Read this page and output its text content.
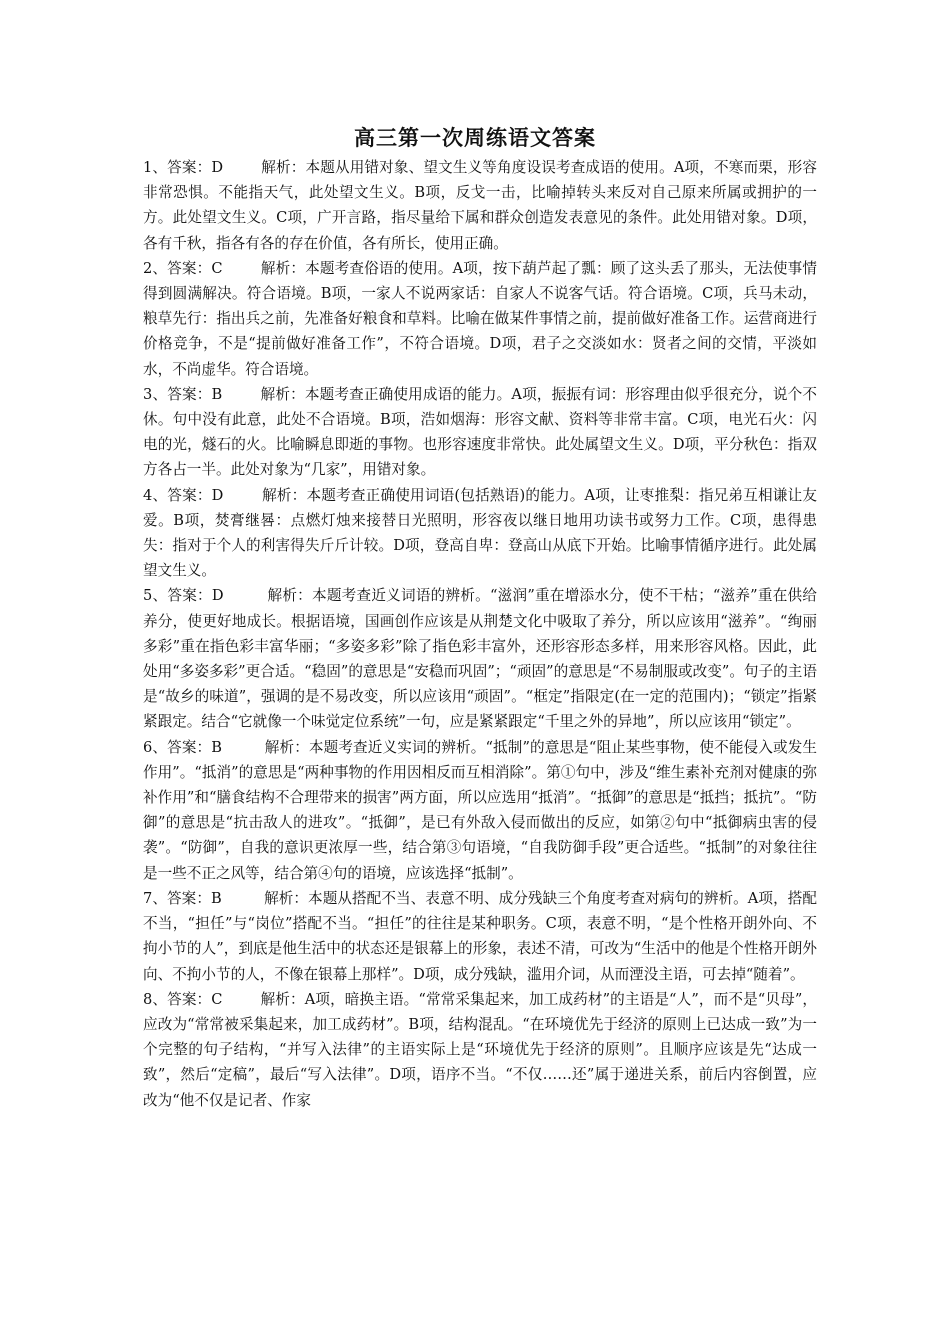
高三第一次周练语文答案

1、答案：D	解析：本题从用错对象、望文生义等角度设误考查成语的使用。A项，不寒而栗，形容非常恐惧。不能指天气，此处望文生义。B项，反戈一击，比喻掉转头来反对自己原来所属或拥护的一方。此处望文生义。C项，广开言路，指尽量给下属和群众创造发表意见的条件。此处用错对象。D项，各有千秋，指各有各的存在价值，各有所长，使用正确。

2、答案：C	解析：本题考查俗语的使用。A项，按下葫芦起了瓢：顾了这头丢了那头，无法使事情得到圆满解决。符合语境。B项，一家人不说两家话：自家人不说客气话。符合语境。C项，兵马未动，粮草先行：指出兵之前，先准备好粮食和草料。比喻在做某件事情之前，提前做好准备工作。运营商进行价格竞争，不是“提前做好准备工作”，不符合语境。D项，君子之交淡如水：贤者之间的交情，平淡如水，不尚虚华。符合语境。

3、答案：B	解析：本题考查正确使用成语的能力。A项，振振有词：形容理由似乎很充分，说个不休。句中没有此意，此处不合语境。B项，浩如烟海：形容文献、资料等非常丰富。C项，电光石火：闪电的光，燧石的火。比喻瞬息即逝的事物。也形容速度非常快。此处属望文生义。D项，平分秋色：指双方各占一半。此处对象为“几家”，用错对象。

4、答案：D	解析：本题考查正确使用词语(包括熟语)的能力。A项，让枣推梨：指兄弟互相谦让友爱。B项，焚膏继晷：点燃灯烛来接替日光照明，形容夜以继日地用功读书或努力工作。C项，患得患失：指对于个人的利害得失斤斤计较。D项，登高自卑：登高山从底下开始。比喻事情循序进行。此处属望文生义。

5、答案：D	解析：本题考查近义词语的辨析。“滋润”重在增添水分，使不干枯；“滋养”重在供给养分，使更好地成长。根据语境，国画创作应该是从荆楚文化中吸取了养分，所以应该用“滋养”。“绚丽多彩”重在指色彩丰富华丽；“多姿多彩”除了指色彩丰富外，还形容形态多样，用来形容风格。因此，此处用“多姿多彩”更合适。“稳固”的意思是“安稳而巩固”；“顽固”的意思是“不易制服或改变”。句子的主语是“故乡的味道”，强调的是不易改变，所以应该用“顽固”。“框定”指限定(在一定的范围内)；“锁定”指紧紧跟定。结合“它就像一个味觉定位系统”一句，应是紧紧跟定“千里之外的异地”，所以应该用“锁定”。

6、答案：B	解析：本题考查近义实词的辨析。“抵制”的意思是“阻止某些事物，使不能侵入或发生作用”。“抵消”的意思是“两种事物的作用因相反而互相消除”。第①句中，涉及“维生素补充剂对健康的弥补作用”和“膳食结构不合理带来的损害”两方面，所以应选用“抵消”。“抵御”的意思是“抵挡；抵抗”。“防御”的意思是“抗击敌人的进攻”。“抵御”，是已有外敌入侵而做出的反应，如第②句中“抵御病虫害的侵袭”。“防御”，自我的意识更浓厚一些，结合第③句语境，“自我防御手段”更合适些。“抵制”的对象往往是一些不正之风等，结合第④句的语境，应该选择“抵制”。

7、答案：B	解析：本题从搭配不当、表意不明、成分残缺三个角度考查对病句的辨析。A项，搭配不当，“担任”与“岗位”搭配不当。“担任”的往往是某种职务。C项，表意不明，“是个性格开朗外向、不拘小节的人”，到底是他生活中的状态还是银幕上的形象，表述不清，可改为“生活中的他是个性格开朗外向、不拘小节的人，不像在银幕上那样”。D项，成分残缺，滥用介词，从而湮没主语，可去掉“随着”。

8、答案：C	解析：A项，暗换主语。“常常采集起来，加工成药材”的主语是“人”，而不是“贝母”，应改为“常常被采集起来，加工成药材”。B项，结构混乱。“在环境优先于经济的原则上已达成一致”为一个完整的句子结构，“并写入法律”的主语实际上是“环境优先于经济的原则”。且顺序应该是先“达成一致”，然后“定稿”，最后“写入法律”。D项，语序不当。“不仅……还”属于递进关系，前后内容倒置，应改为“他不仅是记者、作家
